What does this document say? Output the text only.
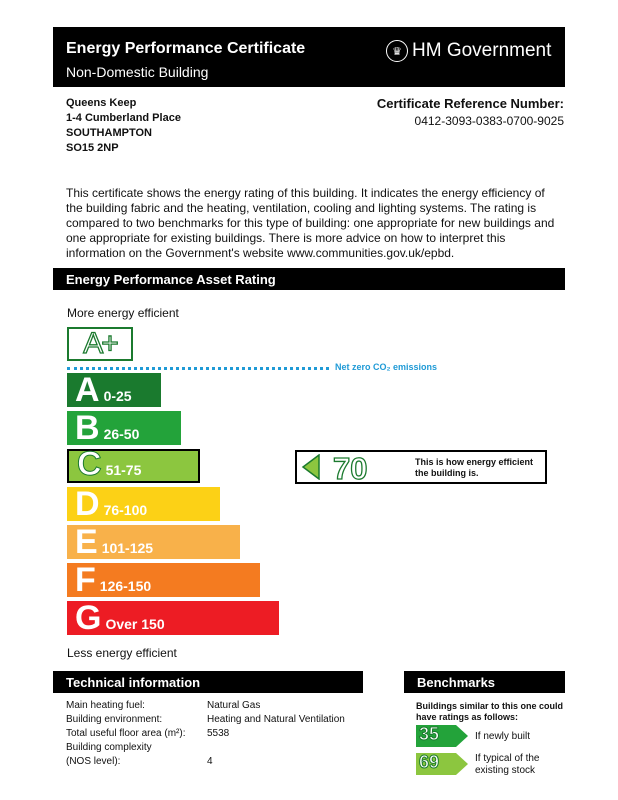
Energy Performance Certificate
Non-Domestic Building
♛ HM Government
Queens Keep
1-4 Cumberland Place
SOUTHAMPTON
SO15 2NP
Certificate Reference Number:
0412-3093-0383-0700-9025
This certificate shows the energy rating of this building. It indicates the energy efficiency of the building fabric and the heating, ventilation, cooling and lighting systems. The rating is compared to two benchmarks for this type of building: one appropriate for new buildings and one appropriate for existing buildings. There is more advice on how to interpret this information on the Government's website www.communities.gov.uk/epbd.
Energy Performance Asset Rating
More energy efficient
A+
Net zero CO₂ emissions
A 0-25
B 26-50
C 51-75
D 76-100
E 101-125
F 126-150
G Over 150
70	This is how energy efficient the building is.
Less energy efficient
Technical information
Main heating fuel:	Natural Gas
Building environment:	Heating and Natural Ventilation
Total useful floor area (m²): 5538
Building complexity
(NOS level):	4
Benchmarks
Buildings similar to this one could have ratings as follows:
35	If newly built
69	If typical of the existing stock
